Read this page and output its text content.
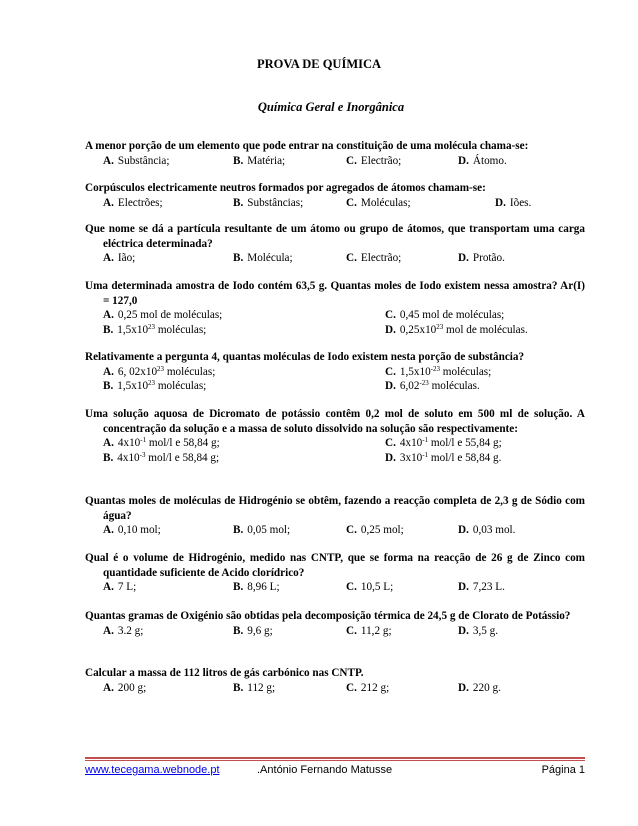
PROVA DE QUÍMICA
Química Geral e Inorgânica
A menor porção de um elemento que pode entrar na constituição de uma molécula chama-se:
A. Substância;	B. Matéria;	C. Electrão;	D. Átomo.
Corpúsculos electricamente neutros formados por agregados de átomos chamam-se:
A. Electrões;	B. Substâncias;	C. Moléculas;	D. Iões.
Que nome se dá a partícula resultante de um átomo ou grupo de átomos, que transportam uma carga eléctrica determinada?
A. Ião;	B. Molécula;	C. Electrão;	D. Protão.
Uma determinada amostra de Iodo contém 63,5 g. Quantas moles de Iodo existem nessa amostra? Ar(I) = 127,0
A. 0,25 mol de moléculas;	C. 0,45 mol de moléculas;
B. $1,5x10^{23}$ moléculas;	D. $0,25x10^{23}$ mol de moléculas.
Relativamente a pergunta 4, quantas moléculas de Iodo existem nesta porção de substância?
A. 6, $02x10^{23}$ moléculas;	C. $1,5x10^{-23}$ moléculas;
B. $1,5x10^{23}$ moléculas;	D. $6,02^{-23}$ moléculas.
Uma solução aquosa de Dicromato de potássio contêm 0,2 mol de soluto em 500 ml de solução. A concentração da solução e a massa de soluto dissolvido na solução são respectivamente:
A. $4x10^{-1}$ mol/l e 58,84 g;	C. $4x10^{-1}$ mol/l e 55,84 g;
B. $4x10^{-3}$ mol/l e 58,84 g;	D. $3x10^{-1}$ mol/l e 58,84 g.
Quantas moles de moléculas de Hidrogénio se obtêm, fazendo a reacção completa de 2,3 g de Sódio com água?
A. 0,10 mol;	B. 0,05 mol;	C. 0,25 mol;	D. 0,03 mol.
Qual é o volume de Hidrogénio, medido nas CNTP, que se forma na reacção de 26 g de Zinco com quantidade suficiente de Acido clorídrico?
A. 7 L;	B. 8,96 L;	C. 10,5 L;	D. 7,23 L.
Quantas gramas de Oxigénio são obtidas pela decomposição térmica de 24,5 g de Clorato de Potássio?
A. 3.2 g;	B. 9,6 g;	C. 11,2 g;	D. 3,5 g.
Calcular a massa de 112 litros de gás carbónico nas CNTP.
A. 200 g;	B. 112 g;	C. 212 g;	D. 220 g.
www.tecegama.webnode.pt	.António Fernando Matusse	Página 1
